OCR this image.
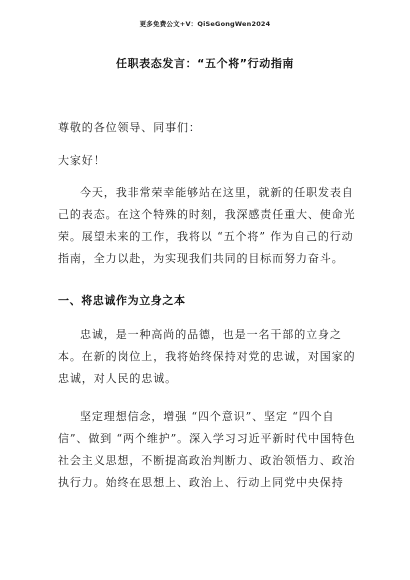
更多免费公文+V：QiSeGongWen2024
任职表态发言：“五个将”行动指南

尊敬的各位领导、同事们：

大家好！

今天，我非常荣幸能够站在这里，就新的任职发表自己的表态。在这个特殊的时刻，我深感责任重大、使命光荣。展望未来的工作，我将以 “五个将” 作为自己的行动指南，全力以赴，为实现我们共同的目标而努力奋斗。

一、将忠诚作为立身之本

忠诚，是一种高尚的品德，也是一名干部的立身之本。在新的岗位上，我将始终保持对党的忠诚，对国家的忠诚，对人民的忠诚。

坚定理想信念，增强 “四个意识”、坚定 “四个自信”、做到 “两个维护”。深入学习习近平新时代中国特色社会主义思想，不断提高政治判断力、政治领悟力、政治执行力。始终在思想上、政治上、行动上同党中央保持
